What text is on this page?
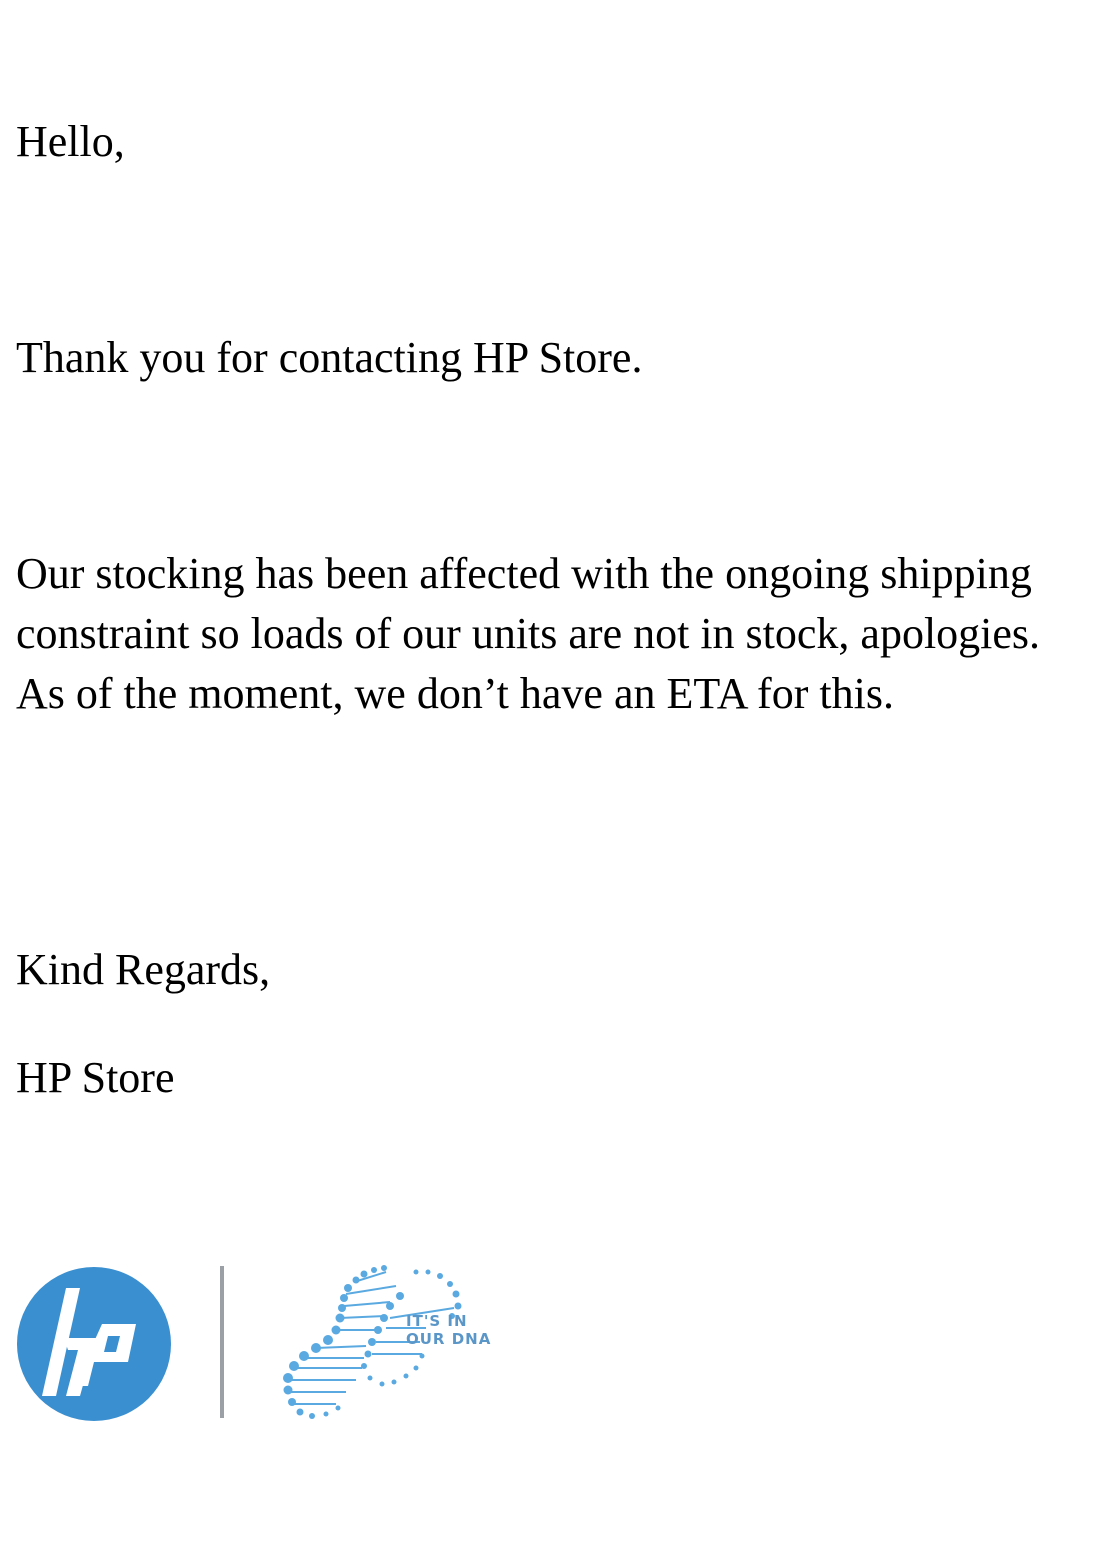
Hello,

Thank you for contacting HP Store.

Our stocking has been affected with the ongoing shipping constraint so loads of our units are not in stock, apologies. As of the moment, we don’t have an ETA for this.

Kind Regards,

HP Store

IT'S IN
OUR DNA
